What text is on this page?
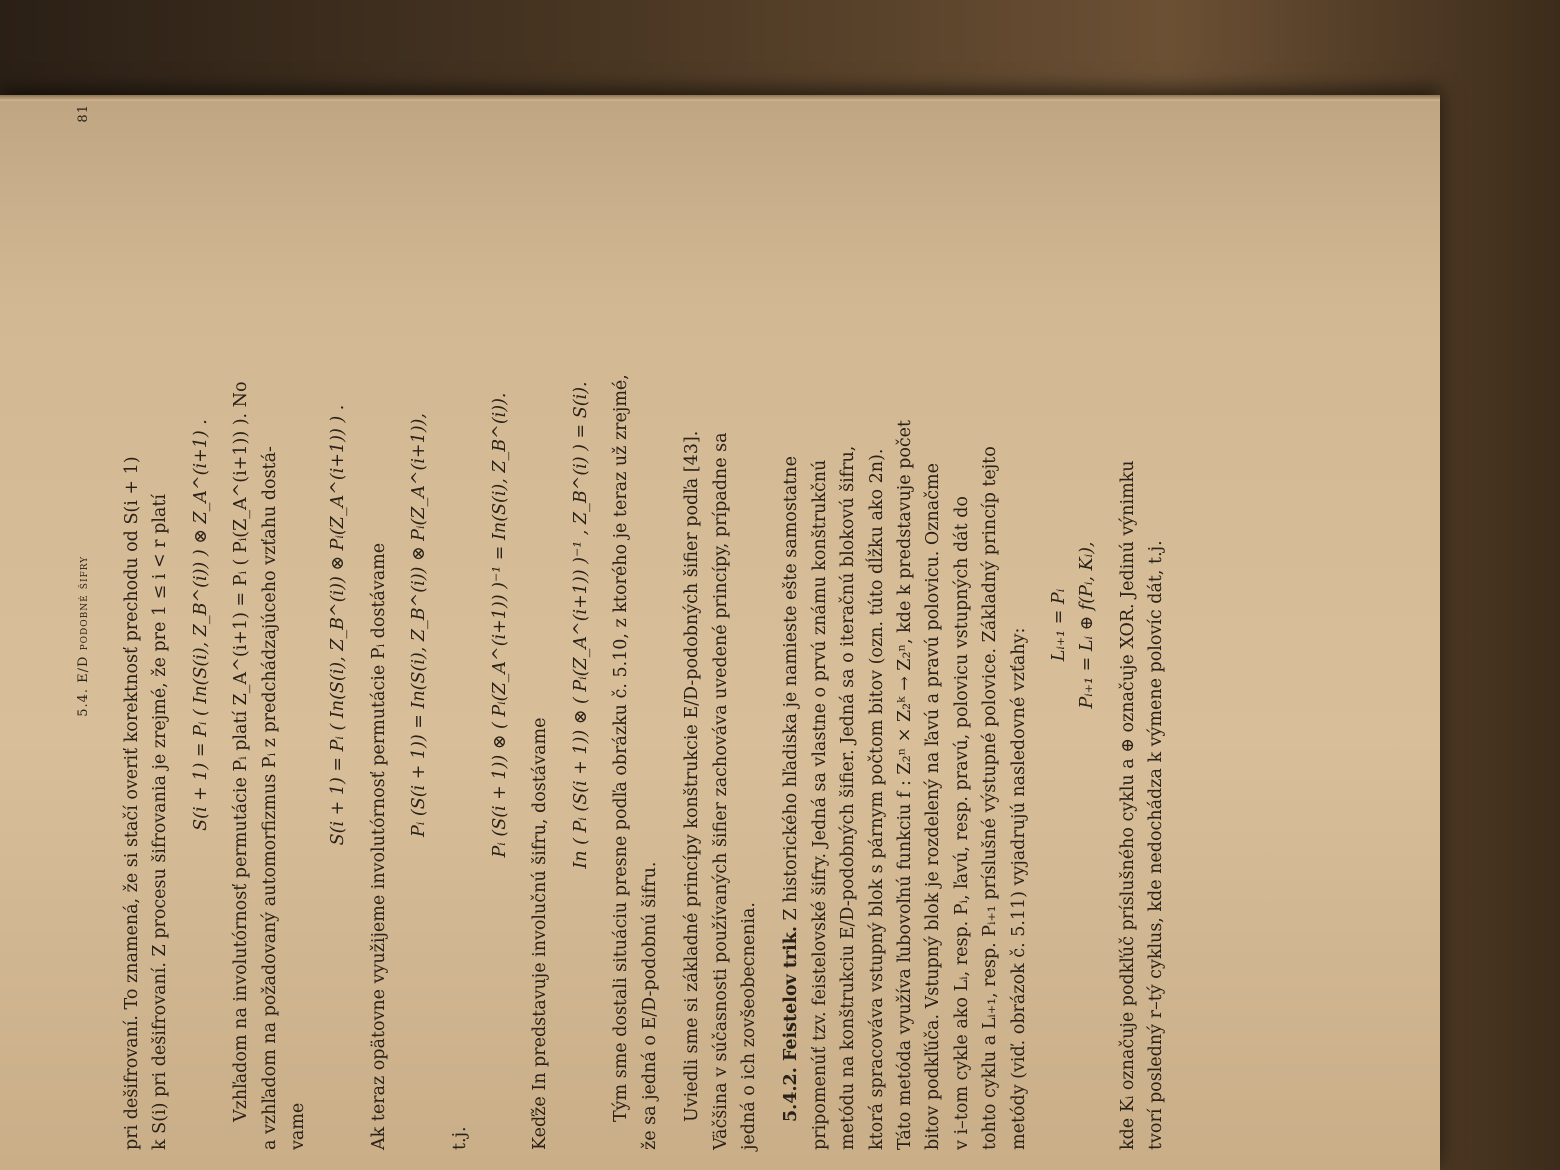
5.4. E/D podobné šifry
81

pri dešifrovaní. To znamená, že si stačí overiť korektnosť prechodu od S(i + 1) k S(i) pri dešifrovaní. Z procesu šifrovania je zrejmé, že pre 1 ≤ i < r platí S(i + 1) = Pᵢ ( In(S(i), Z_B^(i)) ) ⊗ Z_A^(i+1) . Vzhľadom na involutórnosť permutácie Pᵢ platí Z_A^(i+1) = Pᵢ ( Pᵢ(Z_A^(i+1)) ). No a vzhľadom na požadovaný automorfizmus Pᵢ z predchádzajúceho vzťahu dostá- vame

S(i + 1) = Pᵢ ( In(S(i), Z_B^(i)) ⊗ Pᵢ(Z_A^(i+1)) ) . Ak teraz opätovne využijeme involutórnosť permutácie Pᵢ dostávame Pᵢ (S(i + 1)) = In(S(i), Z_B^(i)) ⊗ Pᵢ(Z_A^(i+1)),

t.j.

Pᵢ (S(i + 1)) ⊗ ( Pᵢ(Z_A^(i+1)) )⁻¹ = In(S(i), Z_B^(i)).

Keďže In predstavuje involučnú šifru, dostávame

In ( Pᵢ (S(i + 1)) ⊗ ( Pᵢ(Z_A^(i+1)) )⁻¹ , Z_B^(i) ) = S(i). Tým sme dostali situáciu presne podľa obrázku č. 5.10, z ktorého je teraz už zrejmé, že sa jedná o E/D-podobnú šifru. Uviedli sme si základné princípy konštrukcie E/D-podobných šifier podľa [43]. Väčšina v súčasnosti používaných šifier zachováva uvedené princípy, prípadne sa jedná o ich zovšeobecnenia. 5.4.2. Feistelov trik. Z historického hľadiska je namieste ešte samostatne pripomenúť tzv. feistelovské šifry. Jedná sa vlastne o prvú známu konštrukčnú metódu na konštrukciu E/D-podobných šifier. Jedná sa o iteračnú blokovú šifru, ktorá spracováva vstupný blok s párnym počtom bitov (ozn. túto dĺžku ako 2n). Táto metóda využíva ľubovoľnú funkciu f : Z₂ⁿ × Z₂ᵏ → Z₂ⁿ, kde k predstavuje počet bitov podkľúča. Vstupný blok je rozdelený na ľavú a pravú polovicu. Označme v i–tom cykle ako Lᵢ, resp. Pᵢ, ľavú, resp. pravú, polovicu vstupných dát do tohto cyklu a Lᵢ₊₁, resp. Pᵢ₊₁ príslušné výstupné polovice. Základný princíp tejto metódy (viď. obrázok č. 5.11) vyjadrujú nasledovné vzťahy:

Lᵢ₊₁ = Pᵢ Pᵢ₊₁ = Lᵢ ⊕ f(Pᵢ, Kᵢ), kde Kᵢ označuje podkľúč príslušného cyklu a ⊕ označuje XOR. Jedinú výnimku tvorí posledný r–tý cyklus, kde nedochádza k výmene polovíc dát, t.j.
